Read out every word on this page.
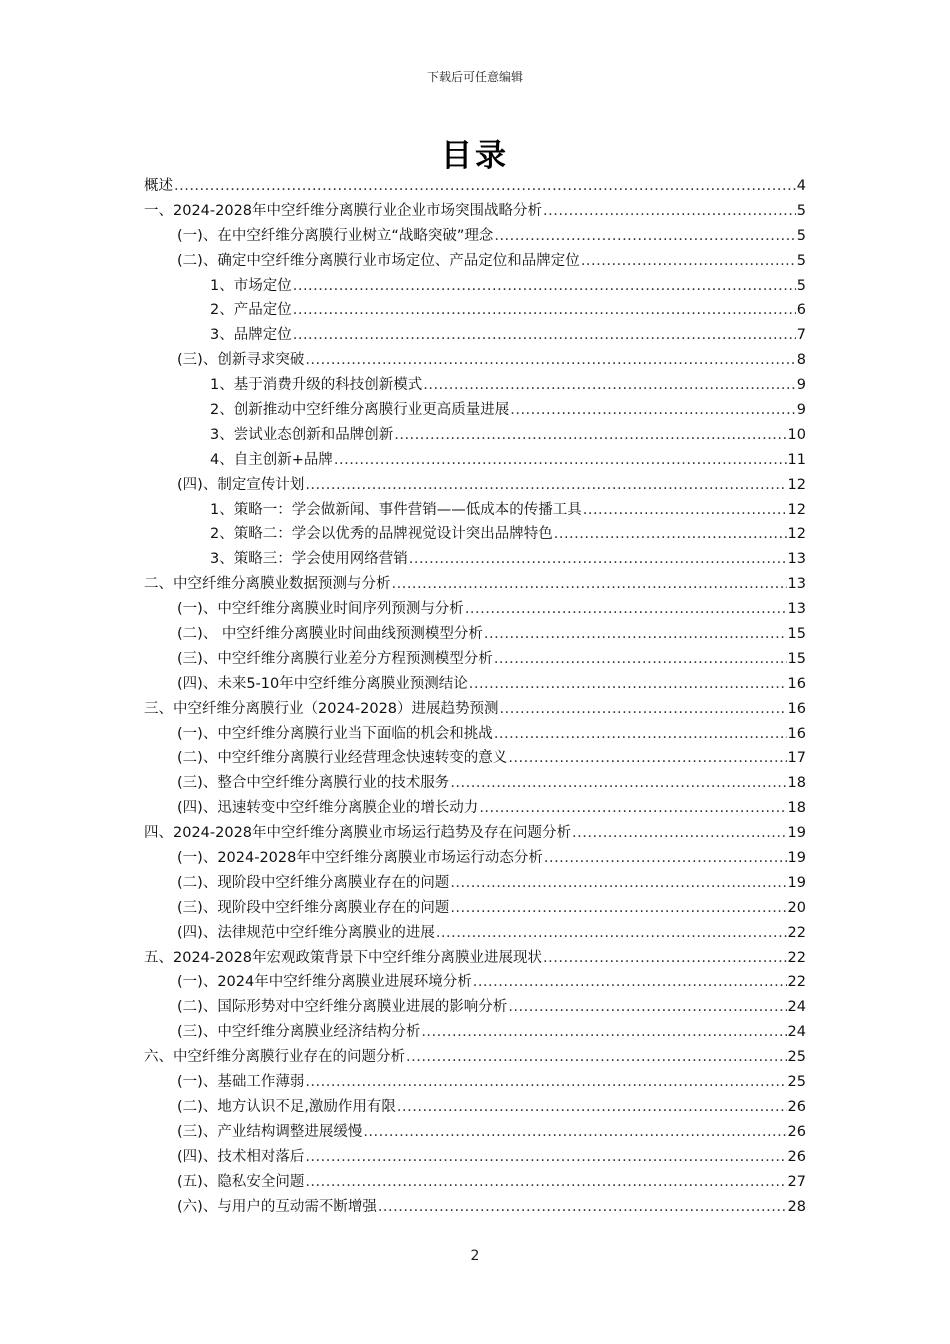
下载后可任意编辑
目录
概述 .....	4
一、2024-2028年中空纤维分离膜行业企业市场突围战略分析 .....	5
(一)、在中空纤维分离膜行业树立“战略突破”理念 .....	5
(二)、确定中空纤维分离膜行业市场定位、产品定位和品牌定位 .....	5
1、市场定位 .....	5
2、产品定位 .....	6
3、品牌定位 .....	7
(三)、创新寻求突破 .....	8
1、基于消费升级的科技创新模式 .....	9
2、创新推动中空纤维分离膜行业更高质量进展 .....	9
3、尝试业态创新和品牌创新 .....	10
4、自主创新+品牌 .....	11
(四)、制定宣传计划 .....	12
1、策略一：学会做新闻、事件营销——低成本的传播工具 .....	12
2、策略二：学会以优秀的品牌视觉设计突出品牌特色 .....	12
3、策略三：学会使用网络营销 .....	13
二、中空纤维分离膜业数据预测与分析 .....	13
(一)、中空纤维分离膜业时间序列预测与分析 .....	13
(二)、 中空纤维分离膜业时间曲线预测模型分析 .....	15
(三)、中空纤维分离膜行业差分方程预测模型分析 .....	15
(四)、未来5-10年中空纤维分离膜业预测结论 .....	16
三、中空纤维分离膜行业（2024-2028）进展趋势预测 .....	16
(一)、中空纤维分离膜行业当下面临的机会和挑战 .....	16
(二)、中空纤维分离膜行业经营理念快速转变的意义 .....	17
(三)、整合中空纤维分离膜行业的技术服务 .....	18
(四)、迅速转变中空纤维分离膜企业的增长动力 .....	18
四、2024-2028年中空纤维分离膜业市场运行趋势及存在问题分析 .....	19
(一)、2024-2028年中空纤维分离膜业市场运行动态分析 .....	19
(二)、现阶段中空纤维分离膜业存在的问题 .....	19
(三)、现阶段中空纤维分离膜业存在的问题 .....	20
(四)、法律规范中空纤维分离膜业的进展 .....	22
五、2024-2028年宏观政策背景下中空纤维分离膜业进展现状 .....	22
(一)、2024年中空纤维分离膜业进展环境分析 .....	22
(二)、国际形势对中空纤维分离膜业进展的影响分析 .....	24
(三)、中空纤维分离膜业经济结构分析 .....	24
六、中空纤维分离膜行业存在的问题分析 .....	25
(一)、基础工作薄弱 .....	25
(二)、地方认识不足,激励作用有限 .....	26
(三)、产业结构调整进展缓慢 .....	26
(四)、技术相对落后 .....	26
(五)、隐私安全问题 .....	27
(六)、与用户的互动需不断增强 .....	28
2
